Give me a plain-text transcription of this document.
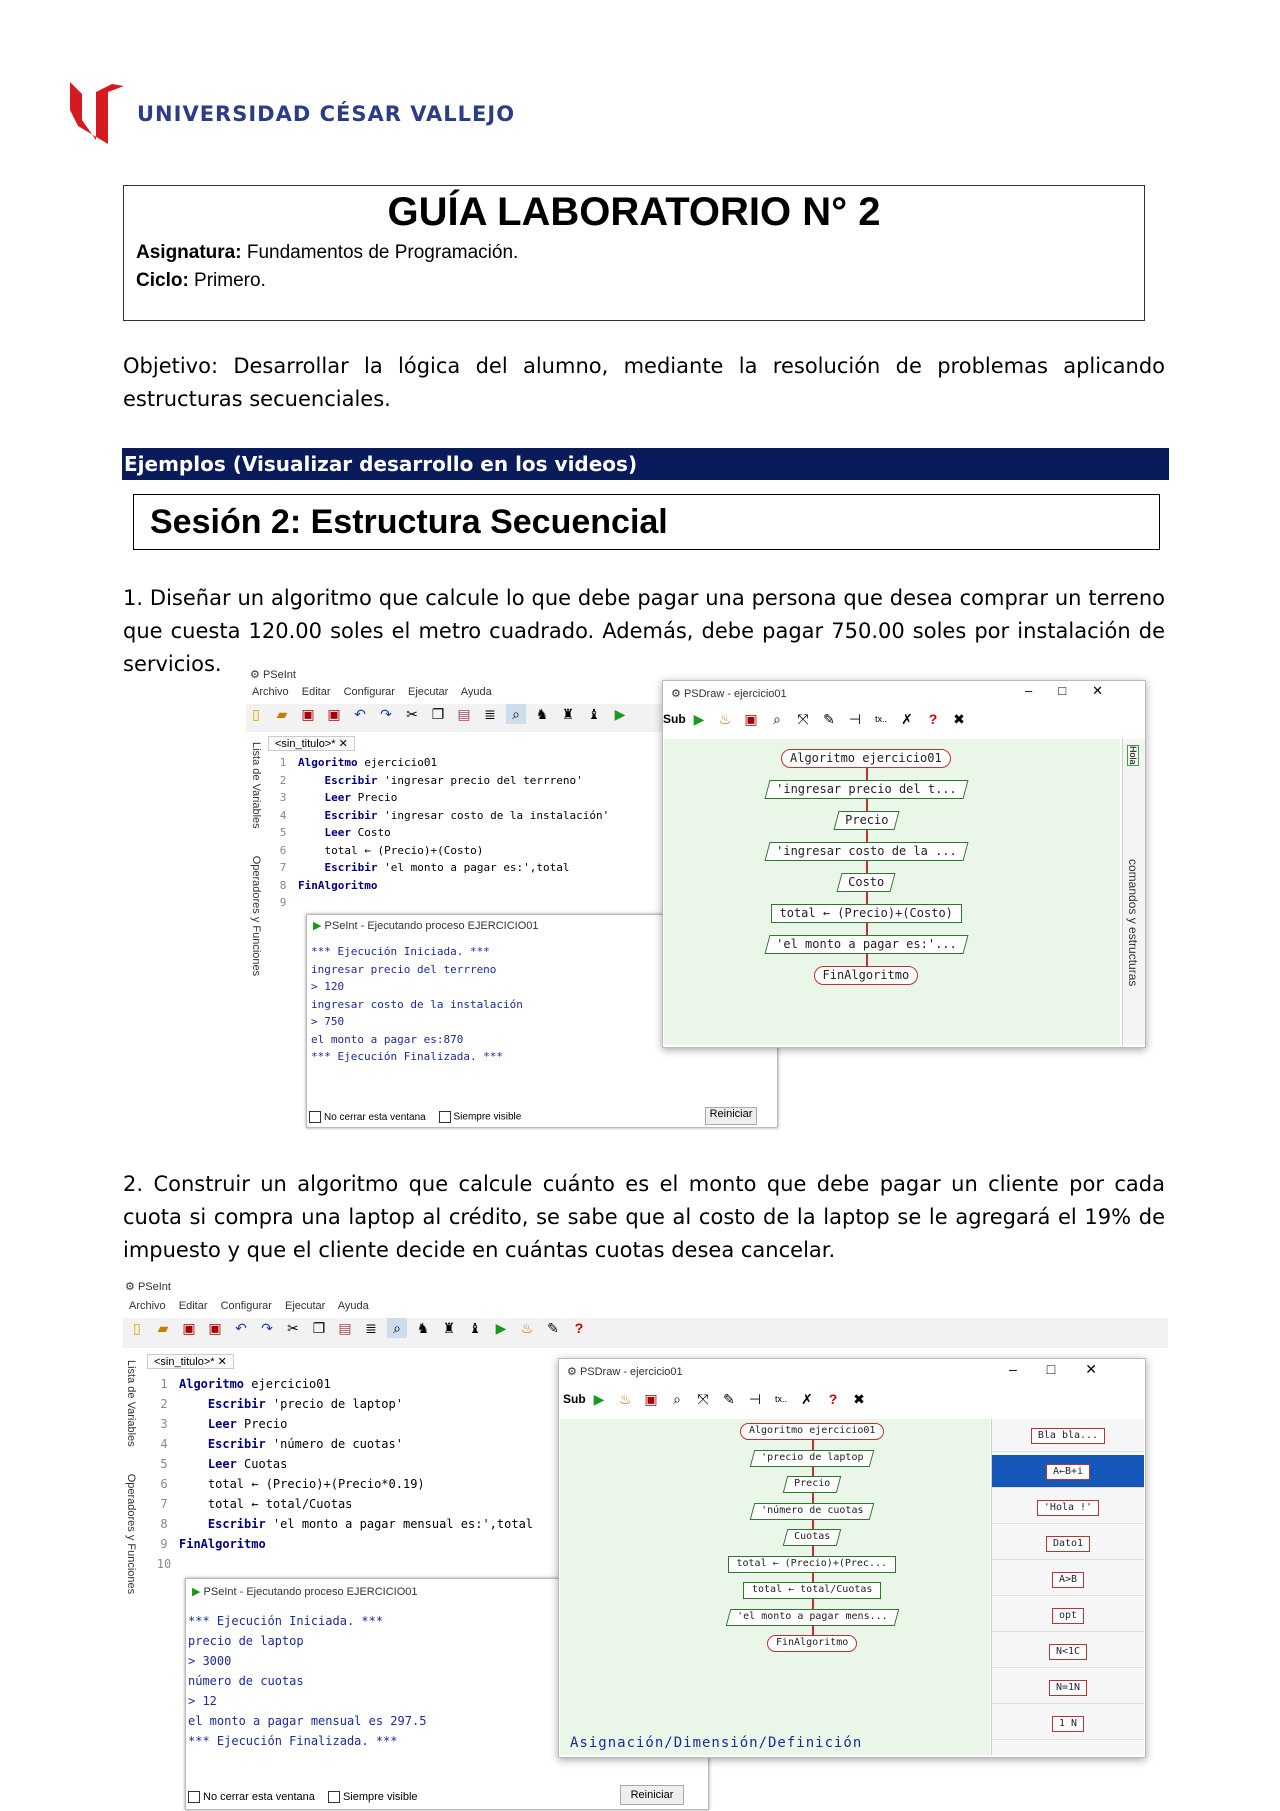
UNIVERSIDAD CÉSAR VALLEJO
GUÍA LABORATORIO N° 2
Asignatura: Fundamentos de Programación.
Ciclo: Primero.
Objetivo: Desarrollar la lógica del alumno, mediante la resolución de problemas aplicando estructuras secuenciales.
Ejemplos (Visualizar desarrollo en los videos)
Sesión 2: Estructura Secuencial
1. Diseñar un algoritmo que calcule lo que debe pagar una persona que desea comprar un terreno que cuesta 120.00 soles el metro cuadrado. Además, debe pagar 750.00 soles por instalación de servicios.	⚙ PSeInt
Archivo Editar Configurar Ejecutar Ayuda
▯ ▰ ▣ ▣ ↶ ↷ ✂ ❐ ▤ ≣ ⌕ ♞ ♜ ♝ ▶
Lista de Variables Operadores y Funciones
<sin_titulo>* ✕
1 Algoritmo ejercicio01
2    Escribir 'ingresar precio del terrreno'
3    Leer Precio
4    Escribir 'ingresar costo de la instalación'
5    Leer Costo
6    total ← (Precio)+(Costo)
7    Escribir 'el monto a pagar es:',total
8 FinAlgoritmo
9
▶ PSeInt - Ejecutando proceso EJERCICIO01
*** Ejecución Iniciada. ***
ingresar precio del terrreno
> 120
ingresar costo de la instalación
> 750
el monto a pagar es:870
*** Ejecución Finalizada. ***
No cerrar esta ventana	Siempre visible	Reiniciar
⚙ PSDraw - ejercicio01	–□✕
Sub ▶ ♨ ▣ ⌕ ⤧ ✎ ⊣ tx.. ✗ ? ✖
Algoritmo ejercicio01
'ingresar precio del t...
Precio
'ingresar costo de la ...
Costo
total ← (Precio)+(Costo)
'el monto a pagar es:'...
FinAlgoritmo	comandos y estructuras
Hola
2. Construir un algoritmo que calcule cuánto es el monto que debe pagar un cliente por cada cuota si compra una laptop al crédito, se sabe que al costo de la laptop se le agregará el 19% de impuesto y que el cliente decide en cuántas cuotas desea cancelar.
⚙ PSeInt
Archivo Editar Configurar Ejecutar Ayuda
▯ ▰ ▣ ▣ ↶ ↷ ✂ ❐ ▤ ≣ ⌕ ♞ ♜ ♝ ▶ ♨ ✎ ?
Lista de Variables Operadores y Funciones
<sin_titulo>* ✕
1 Algoritmo ejercicio01
2    Escribir 'precio de laptop'
3    Leer Precio
4    Escribir 'número de cuotas'
5    Leer Cuotas
6    total ← (Precio)+(Precio*0.19)
7    total ← total/Cuotas
8    Escribir 'el monto a pagar mensual es:',total
9 FinAlgoritmo
10
▶ PSeInt - Ejecutando proceso EJERCICIO01
*** Ejecución Iniciada. ***
precio de laptop
> 3000
número de cuotas
> 12
el monto a pagar mensual es 297.5
*** Ejecución Finalizada. ***
No cerrar esta ventana	Siempre visible	Reiniciar
⚙ PSDraw - ejercicio01	–□✕
Sub ▶ ♨ ▣ ⌕ ⤧ ✎ ⊣ tx.. ✗ ? ✖
Asignación/Dimensión/Definición
Algoritmo ejercicio01
'precio de laptop
Precio
'número de cuotas
Cuotas
total ← (Precio)+(Prec...
total ← total/Cuotas
'el monto a pagar mens...
FinAlgoritmo
Bla bla...
A←B+i
'Hola !'
Dato1
A>B
opt
N<1C
N=1N
1 N
